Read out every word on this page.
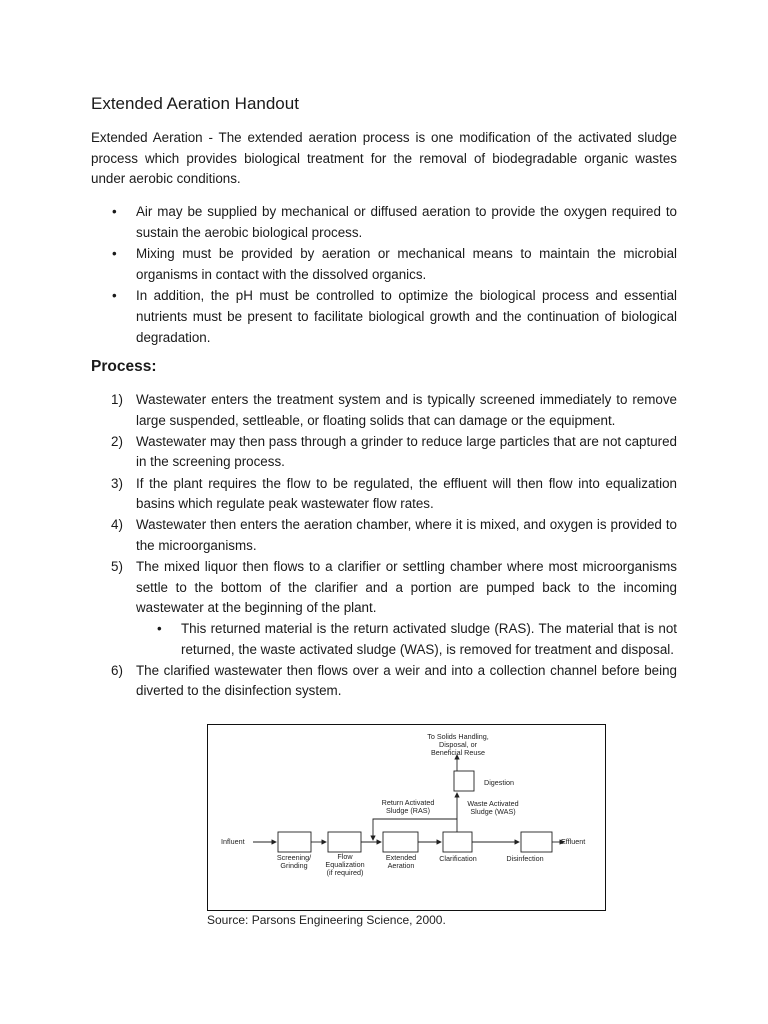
Extended Aeration Handout

Extended Aeration - The extended aeration process is one modification of the activated sludge process which provides biological treatment for the removal of biodegradable organic wastes under aerobic conditions.

• Air may be supplied by mechanical or diffused aeration to provide the oxygen required to sustain the aerobic biological process.
• Mixing must be provided by aeration or mechanical means to maintain the microbial organisms in contact with the dissolved organics.
• In addition, the pH must be controlled to optimize the biological process and essential nutrients must be present to facilitate biological growth and the continuation of biological degradation.
Process:
1) Wastewater enters the treatment system and is typically screened immediately to remove large suspended, settleable, or floating solids that can damage or the equipment.
2) Wastewater may then pass through a grinder to reduce large particles that are not captured in the screening process.
3) If the plant requires the flow to be regulated, the effluent will then flow into equalization basins which regulate peak wastewater flow rates.
4) Wastewater then enters the aeration chamber, where it is mixed, and oxygen is provided to the microorganisms.
5) The mixed liquor then flows to a clarifier or settling chamber where most microorganisms settle to the bottom of the clarifier and a portion are pumped back to the incoming wastewater at the beginning of the plant.
• This returned material is the return activated sludge (RAS). The material that is not returned, the waste activated sludge (WAS), is removed for treatment and disposal.
6) The clarified wastewater then flows over a weir and into a collection channel before being diverted to the disinfection system.
Influent	Effluent
Screening/
Grinding
Flow
Equalization
(if required)
Extended
Aeration
Clarification	Disinfection
Digestion
Return Activated
Sludge (RAS)
Waste Activated
Sludge (WAS)
To Solids Handling,
Disposal, or
Beneficial Reuse

Source: Parsons Engineering Science, 2000.
